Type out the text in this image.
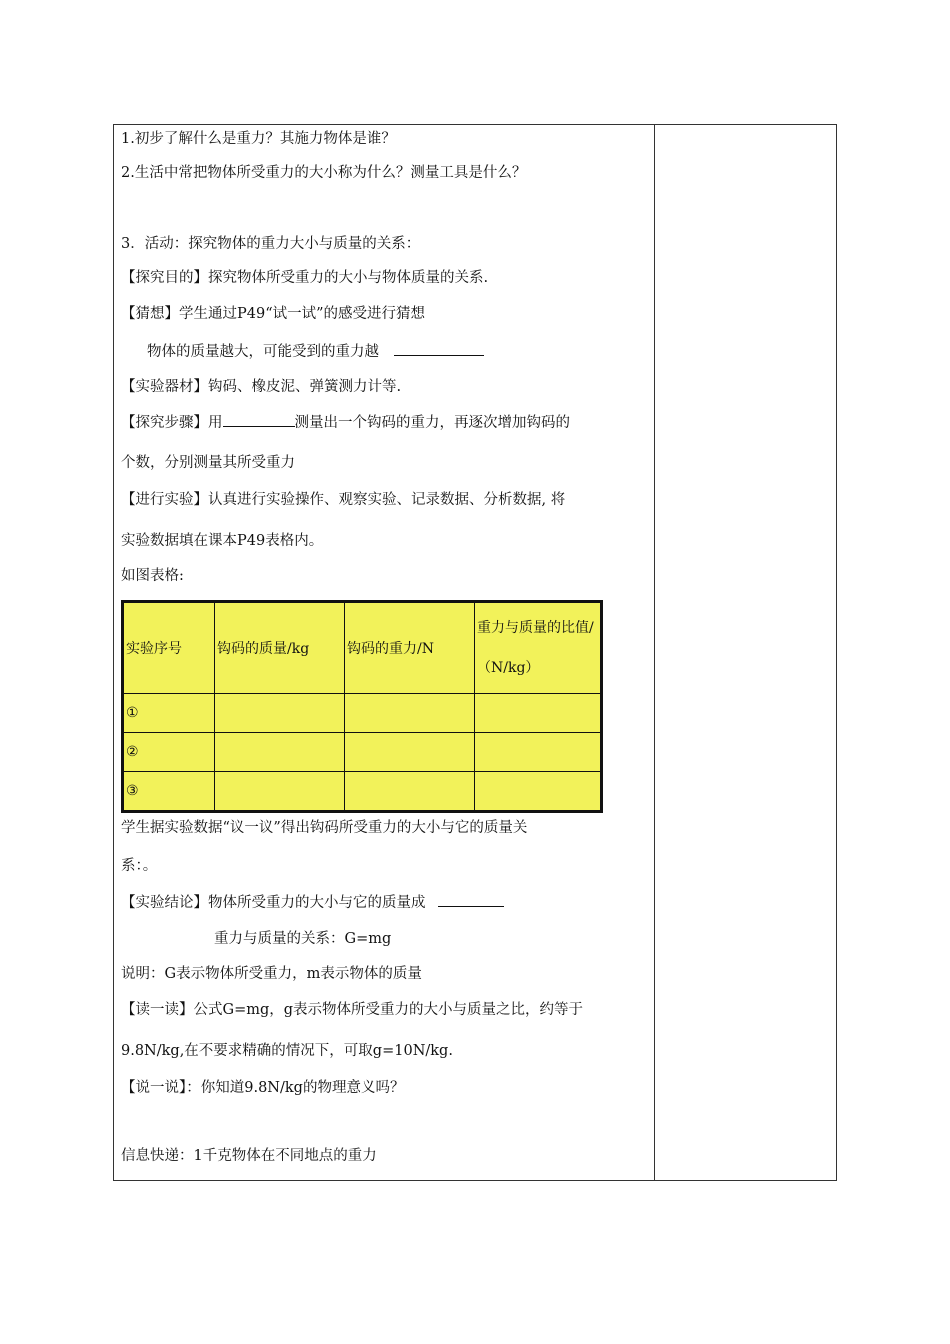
1.初步了解什么是重力？其施力物体是谁？
2.生活中常把物体所受重力的大小称为什么？测量工具是什么？
3．活动：探究物体的重力大小与质量的关系：
【探究目的】探究物体所受重力的大小与物体质量的关系.
【猜想】学生通过P49“试一试”的感受进行猜想
物体的质量越大，可能受到的重力越
【实验器材】钩码、橡皮泥、弹簧测力计等.
【探究步骤】用	测量出一个钩码的重力，再逐次增加钩码的
个数，分别测量其所受重力
【进行实验】认真进行实验操作、观察实验、记录数据、分析数据, 将
实验数据填在课本P49表格内。
如图表格:
实验序号	钩码的质量/kg	钩码的重力/N	重力与质量的比值/（N/kg）
①			
②			
③			
学生据实验数据“议一议”得出钩码所受重力的大小与它的质量关
系：。
【实验结论】物体所受重力的大小与它的质量成
重力与质量的关系：G=mg
说明：G表示物体所受重力，m表示物体的质量
【读一读】公式G=mg，g表示物体所受重力的大小与质量之比，约等于
9.8N/kg,在不要求精确的情况下，可取g=10N/kg.
【说一说】：你知道9.8N/kg的物理意义吗？
信息快递：1千克物体在不同地点的重力
